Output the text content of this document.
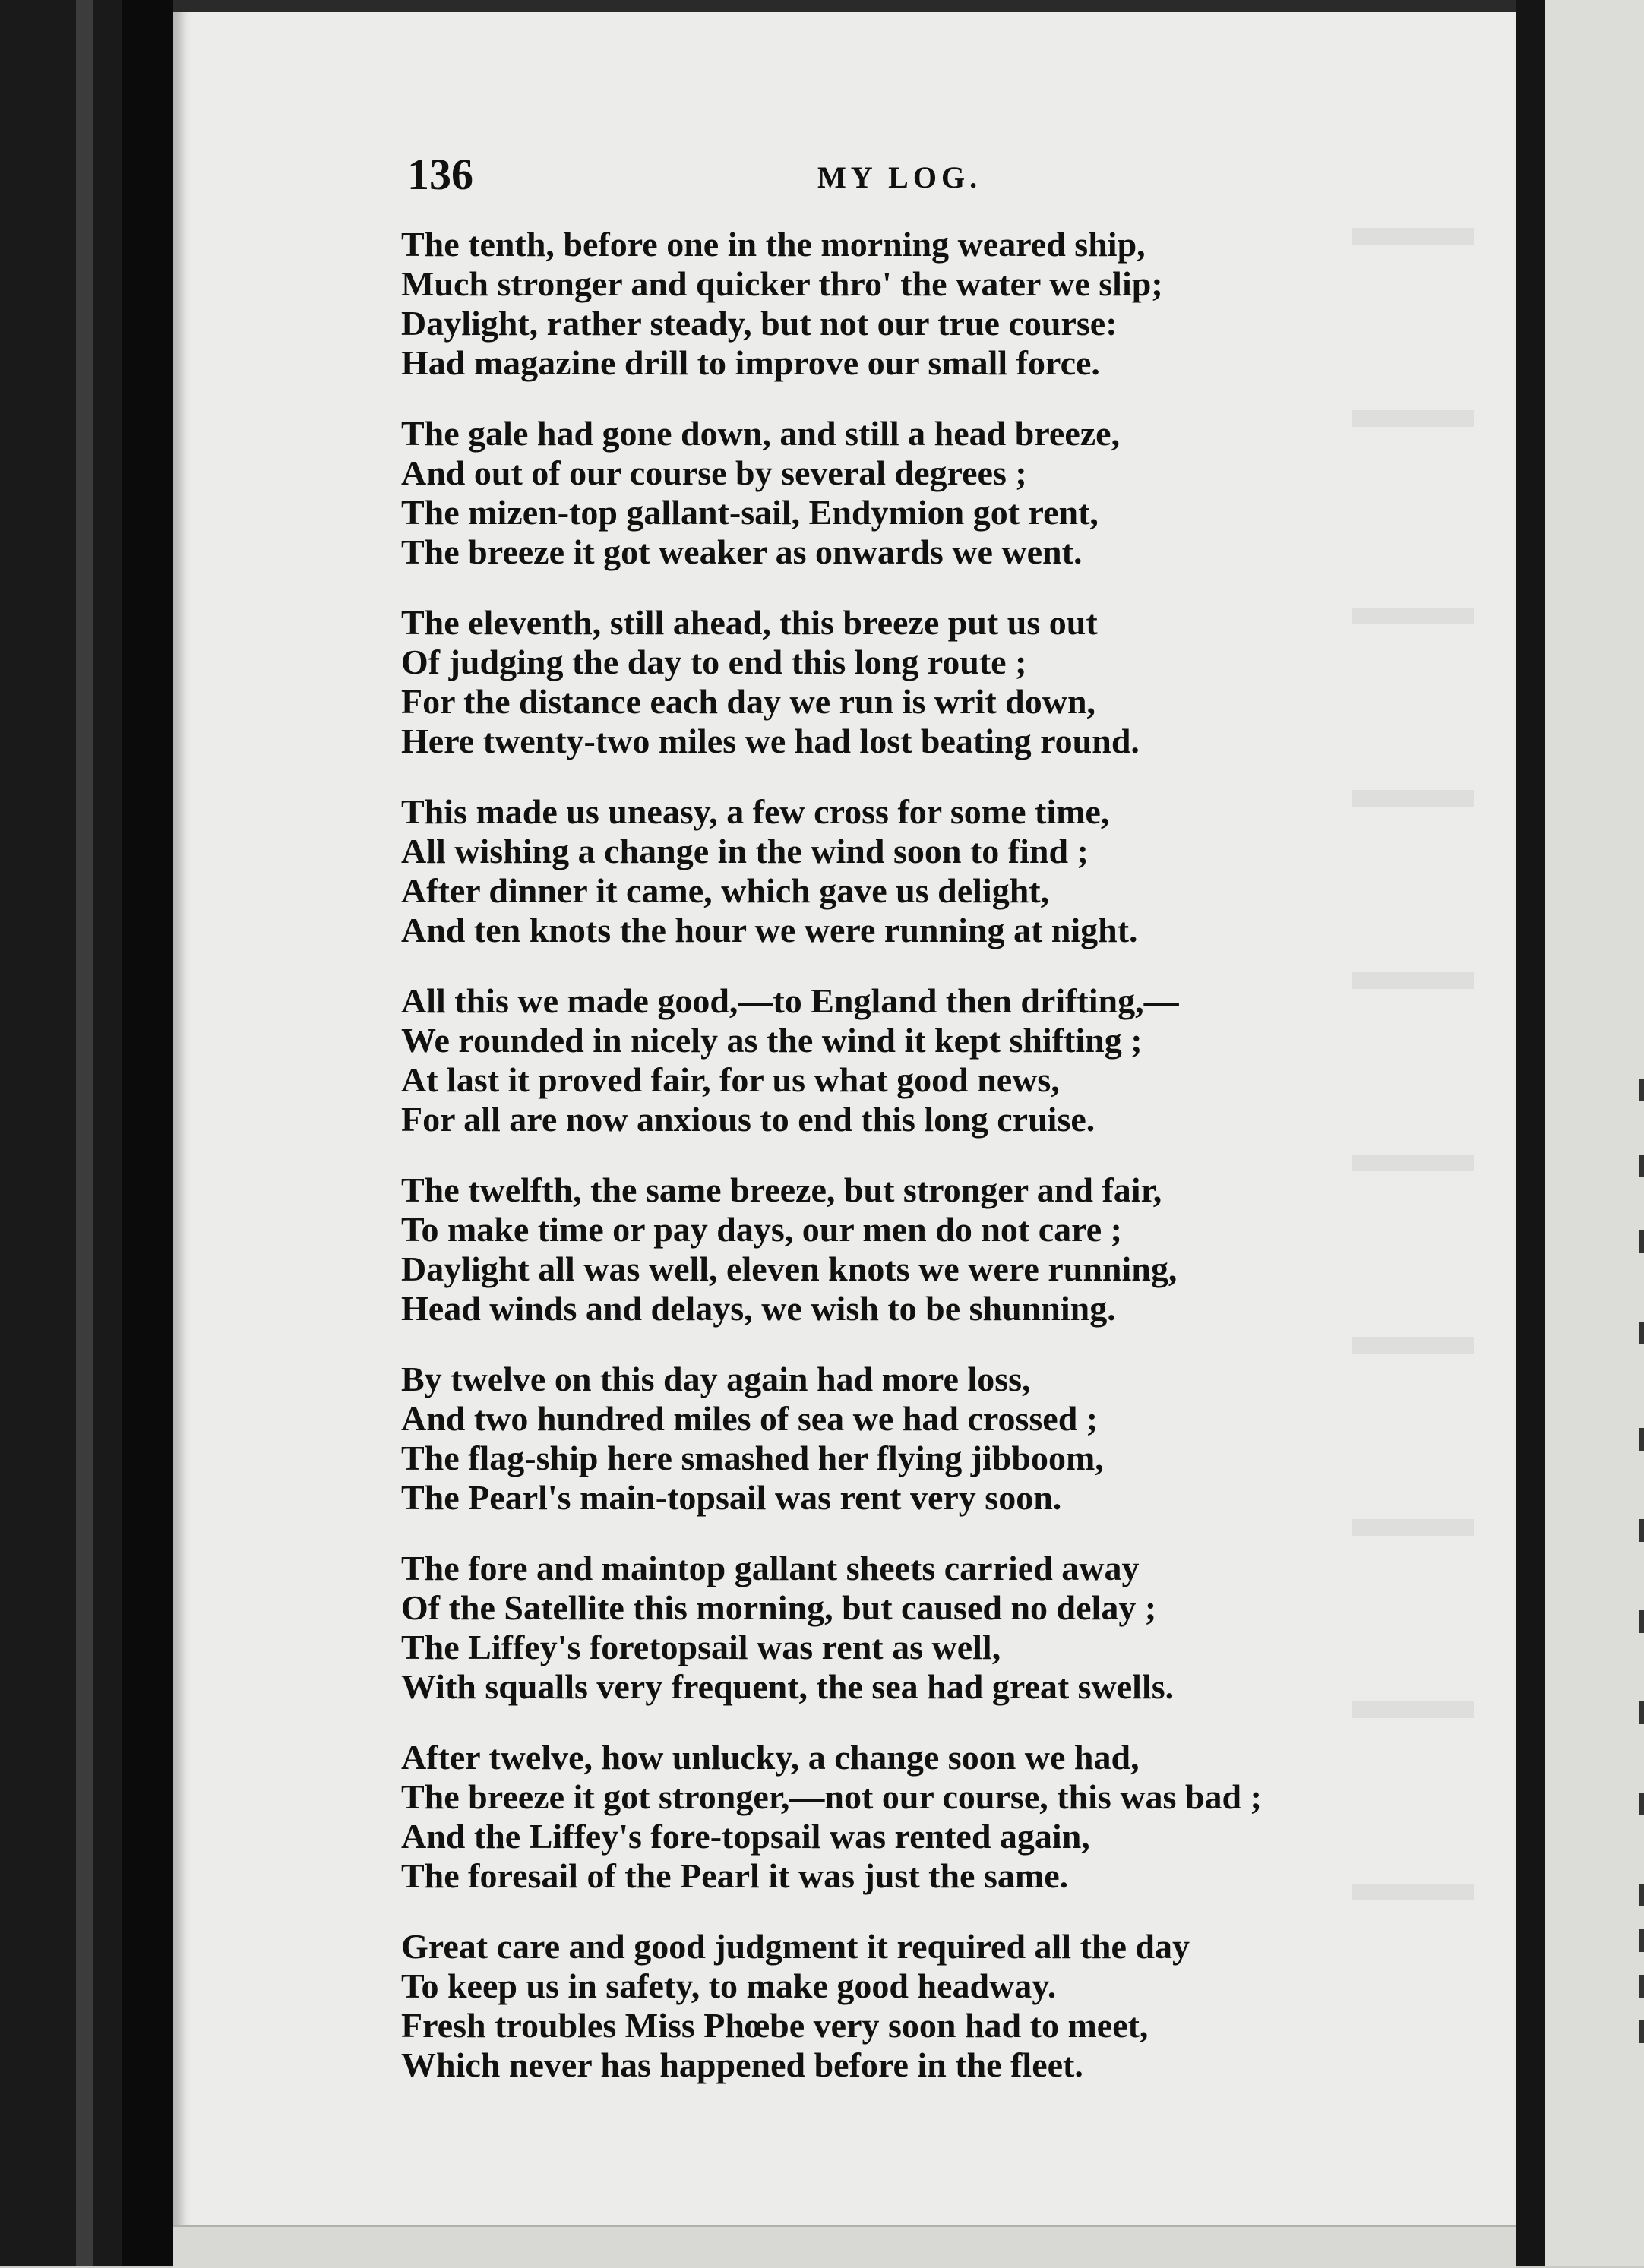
136	MY LOG.
The tenth, before one in the morning weared ship,
Much stronger and quicker thro' the water we slip;
Daylight, rather steady, but not our true course:
Had magazine drill to improve our small force.
The gale had gone down, and still a head breeze,
And out of our course by several degrees ;
The mizen-top gallant-sail, Endymion got rent,
The breeze it got weaker as onwards we went.
The eleventh, still ahead, this breeze put us out
Of judging the day to end this long route ;
For the distance each day we run is writ down,
Here twenty-two miles we had lost beating round.
This made us uneasy, a few cross for some time,
All wishing a change in the wind soon to find ;
After dinner it came, which gave us delight,
And ten knots the hour we were running at night.
All this we made good,—to England then drifting,—
We rounded in nicely as the wind it kept shifting ;
At last it proved fair, for us what good news,
For all are now anxious to end this long cruise.
The twelfth, the same breeze, but stronger and fair,
To make time or pay days, our men do not care ;
Daylight all was well, eleven knots we were running,
Head winds and delays, we wish to be shunning.
By twelve on this day again had more loss,
And two hundred miles of sea we had crossed ;
The flag-ship here smashed her flying jibboom,
The Pearl's main-topsail was rent very soon.
The fore and maintop gallant sheets carried away
Of the Satellite this morning, but caused no delay ;
The Liffey's foretopsail was rent as well,
With squalls very frequent, the sea had great swells.
After twelve, how unlucky, a change soon we had,
The breeze it got stronger,—not our course, this was bad ;
And the Liffey's fore-topsail was rented again,
The foresail of the Pearl it was just the same.
Great care and good judgment it required all the day
To keep us in safety, to make good headway.
Fresh troubles Miss Phœbe very soon had to meet,
Which never has happened before in the fleet.
